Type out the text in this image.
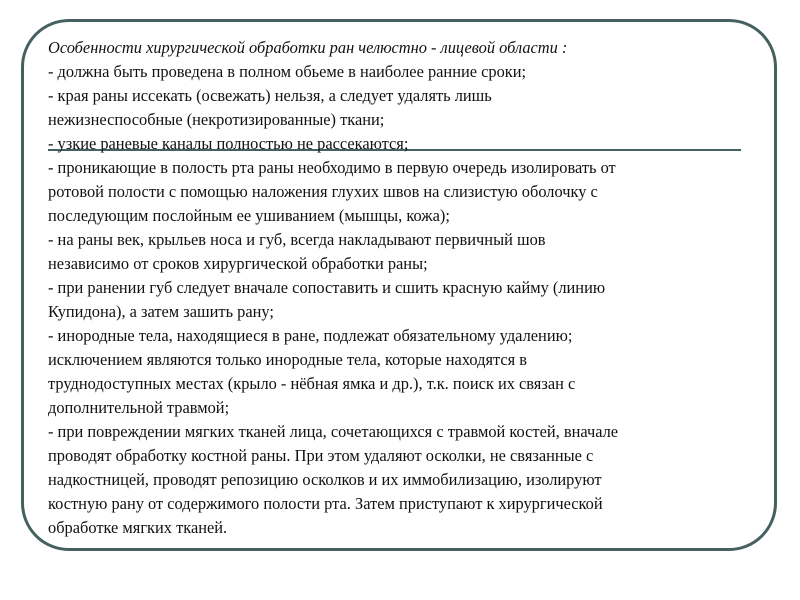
Особенности хирургической обработки ран челюстно - лицевой области :
- должна быть проведена в полном обьеме в наиболее ранние сроки;
- края раны иссекать (освежать) нельзя, а следует удалять лишь
нежизнеспособные (некротизированные) ткани;
- узкие раневые каналы полностью не рассекаются;
- проникающие в полость рта раны необходимо в первую очередь изолировать от
ротовой полости с помощью наложения глухих швов на слизистую оболочку с
последующим послойным ее ушиванием (мышцы, кожа);
- на раны век, крыльев носа и губ, всегда накладывают первичный шов
независимо от сроков хирургической обработки раны;
- при ранении губ следует вначале сопоставить и сшить красную кайму (линию
Купидона), а затем зашить рану;
- инородные тела, находящиеся в ране, подлежат обязательному удалению;
исключением являются только инородные тела, которые находятся в
труднодоступных местах (крыло - нёбная ямка и др.), т.к. поиск их связан с
дополнительной травмой;
- при повреждении мягких тканей лица, сочетающихся с травмой костей, вначале
проводят обработку костной раны. При этом удаляют осколки, не связанные с
надкостницей, проводят репозицию осколков и их иммобилизацию, изолируют
костную рану от содержимого полости рта. Затем приступают к хирургической
обработке мягких тканей.
